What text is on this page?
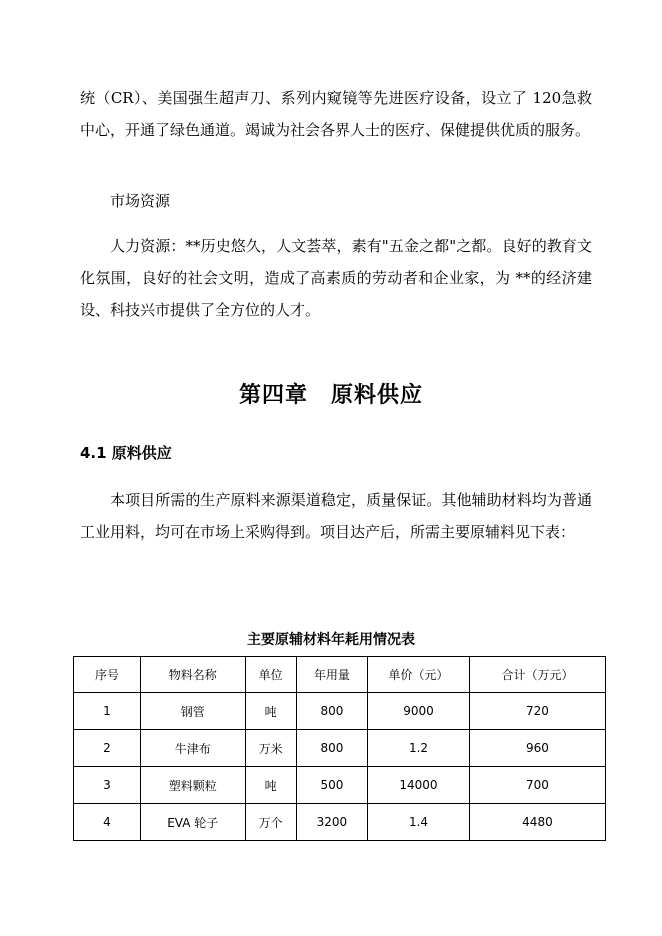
统（CR）、美国强生超声刀、系列内窥镜等先进医疗设备，设立了 120急救中心，开通了绿色通道。竭诚为社会各界人士的医疗、保健提供优质的服务。

市场资源

人力资源：**历史悠久，人文荟萃，素有"五金之都"之都。良好的教育文化氛围，良好的社会文明，造成了高素质的劳动者和企业家，为 **的经济建设、科技兴市提供了全方位的人才。

第四章　原料供应
4.1 原料供应

本项目所需的生产原料来源渠道稳定，质量保证。其他辅助材料均为普通工业用料，均可在市场上采购得到。项目达产后，所需主要原辅料见下表：

主要原辅材料年耗用情况表

序号	物料名称	单位	年用量	单价（元）	合计（万元）
1	钢管	吨	800	9000	720
2	牛津布	万米	800	1.2	960
3	塑料颗粒	吨	500	14000	700
4	EVA 轮子	万个	3200	1.4	4480
